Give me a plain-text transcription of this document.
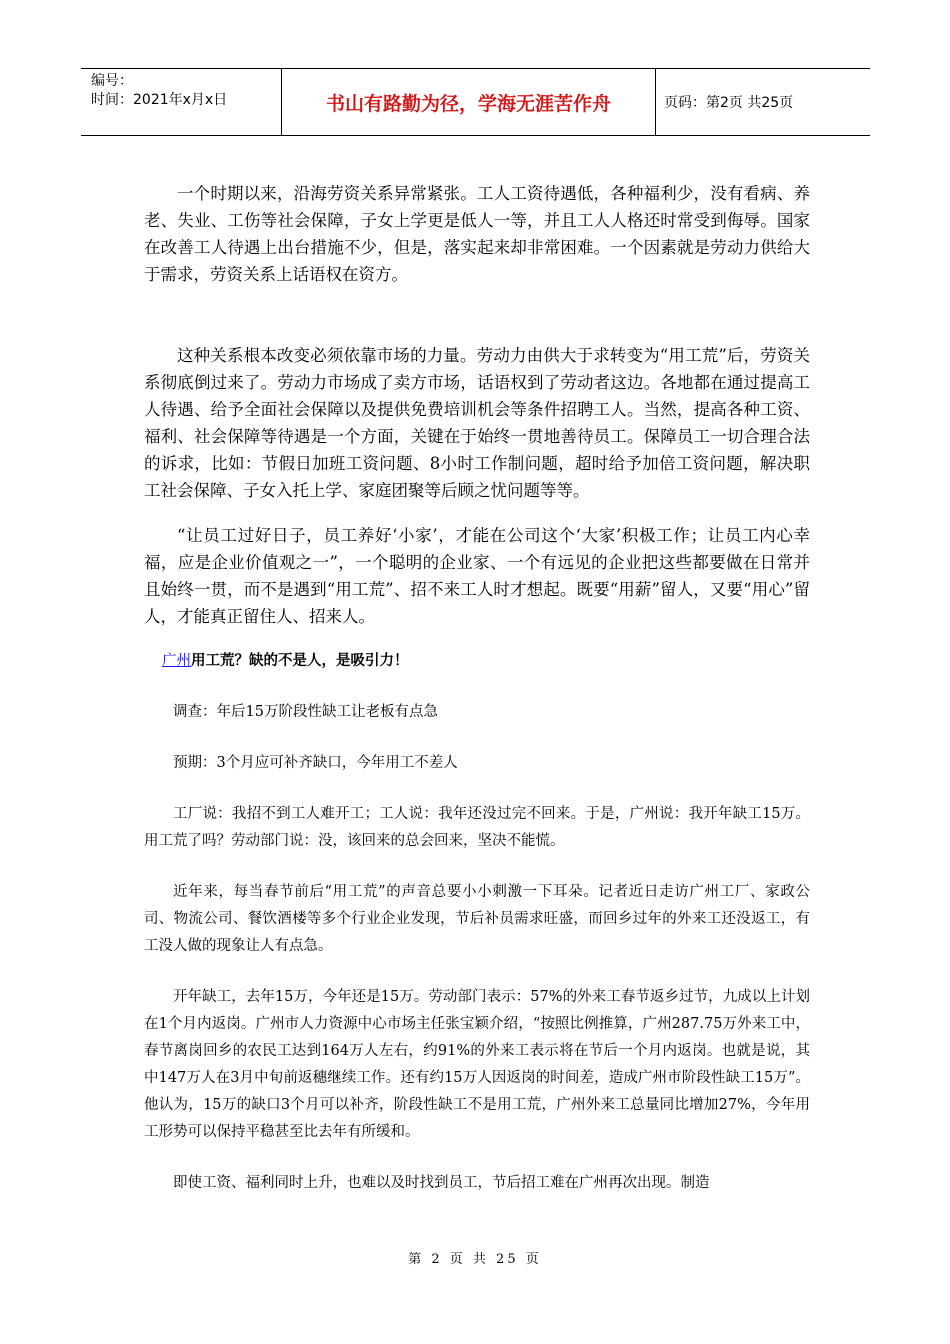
编号：
时间：2021年x月x日	书山有路勤为径，学海无涯苦作舟	页码：第2页 共25页

一个时期以来，沿海劳资关系异常紧张。工人工资待遇低，各种福利少，没有看病、养老、失业、工伤等社会保障，子女上学更是低人一等，并且工人人格还时常受到侮辱。国家在改善工人待遇上出台措施不少，但是，落实起来却非常困难。一个因素就是劳动力供给大于需求，劳资关系上话语权在资方。

这种关系根本改变必须依靠市场的力量。劳动力由供大于求转变为“用工荒”后，劳资关系彻底倒过来了。劳动力市场成了卖方市场，话语权到了劳动者这边。各地都在通过提高工人待遇、给予全面社会保障以及提供免费培训机会等条件招聘工人。当然，提高各种工资、福利、社会保障等待遇是一个方面，关键在于始终一贯地善待员工。保障员工一切合理合法的诉求，比如：节假日加班工资问题、8小时工作制问题，超时给予加倍工资问题，解决职工社会保障、子女入托上学、家庭团聚等后顾之忧问题等等。

“让员工过好日子，员工养好‘小家’，才能在公司这个‘大家’积极工作；让员工内心幸福，应是企业价值观之一”，一个聪明的企业家、一个有远见的企业把这些都要做在日常并且始终一贯，而不是遇到“用工荒”、招不来工人时才想起。既要“用薪”留人，又要“用心”留人，才能真正留住人、招来人。

广州用工荒？缺的不是人，是吸引力！

调查：年后15万阶段性缺工让老板有点急

预期：3个月应可补齐缺口，今年用工不差人

工厂说：我招不到工人难开工；工人说：我年还没过完不回来。于是，广州说：我开年缺工15万。用工荒了吗？劳动部门说：没，该回来的总会回来，坚决不能慌。

近年来，每当春节前后“用工荒”的声音总要小小刺激一下耳朵。记者近日走访广州工厂、家政公司、物流公司、餐饮酒楼等多个行业企业发现，节后补员需求旺盛，而回乡过年的外来工还没返工，有工没人做的现象让人有点急。

开年缺工，去年15万，今年还是15万。劳动部门表示：57%的外来工春节返乡过节，九成以上计划在1个月内返岗。广州市人力资源中心市场主任张宝颖介绍，“按照比例推算，广州287.75万外来工中，春节离岗回乡的农民工达到164万人左右，约91%的外来工表示将在节后一个月内返岗。也就是说，其中147万人在3月中旬前返穗继续工作。还有约15万人因返岗的时间差，造成广州市阶段性缺工15万”。他认为，15万的缺口3个月可以补齐，阶段性缺工不是用工荒，广州外来工总量同比增加27%，今年用工形势可以保持平稳甚至比去年有所缓和。

即使工资、福利同时上升，也难以及时找到员工，节后招工难在广州再次出现。制造

第 2 页 共 25 页
